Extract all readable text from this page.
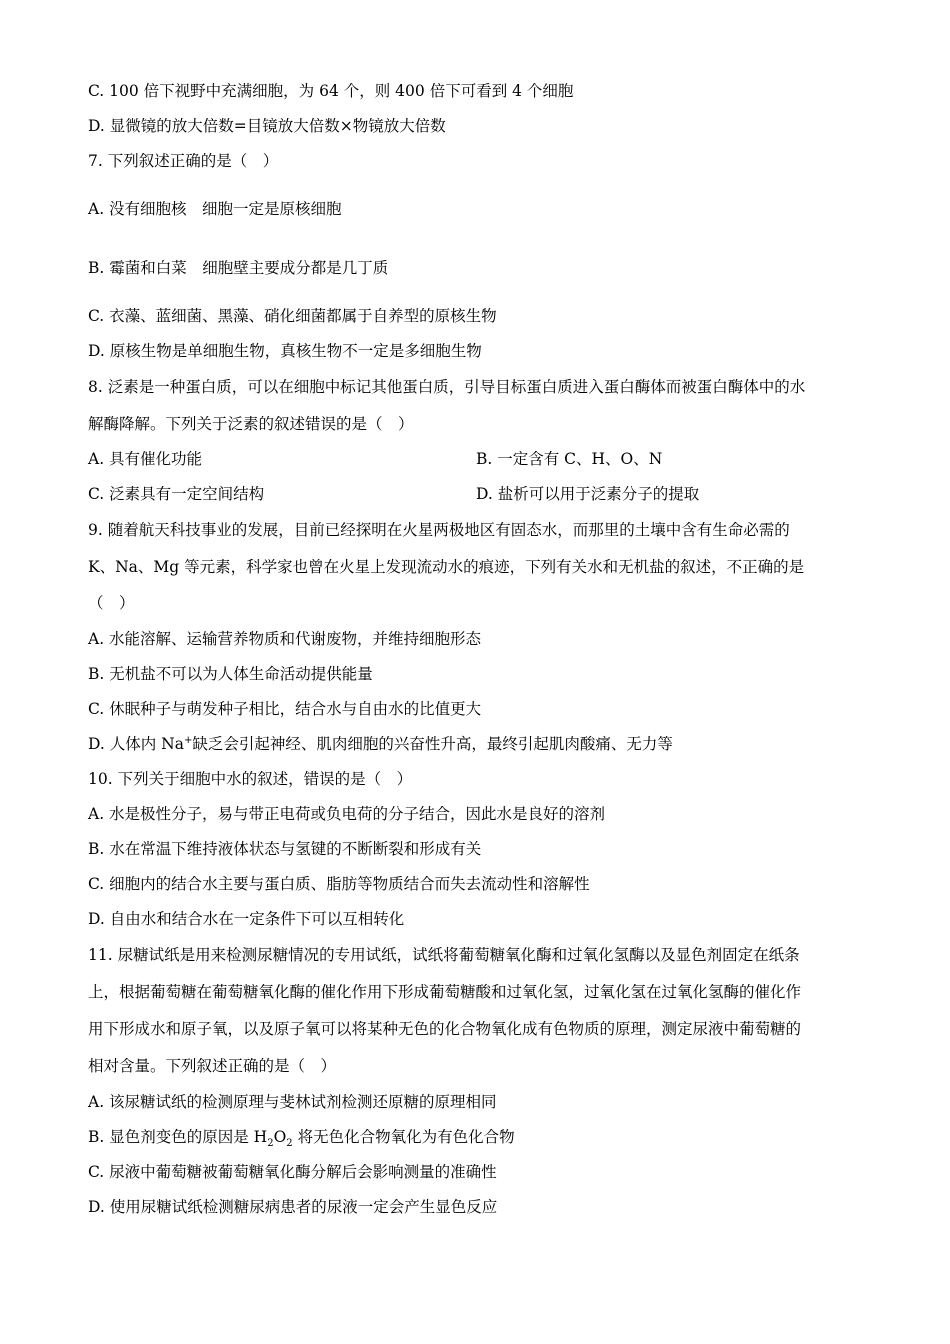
C. 100 倍下视野中充满细胞，为 64 个，则 400 倍下可看到 4 个细胞
D. 显微镜的放大倍数=目镜放大倍数×物镜放大倍数
7. 下列叙述正确的是（　）
A. 没有细胞核　细胞一定是原核细胞
B. 霉菌和白菜　细胞壁主要成分都是几丁质
C. 衣藻、蓝细菌、黑藻、硝化细菌都属于自养型的原核生物
D. 原核生物是单细胞生物，真核生物不一定是多细胞生物
8. 泛素是一种蛋白质，可以在细胞中标记其他蛋白质，引导目标蛋白质进入蛋白酶体而被蛋白酶体中的水
解酶降解。下列关于泛素的叙述错误的是（　）
A. 具有催化功能	B. 一定含有 C、H、O、N
C. 泛素具有一定空间结构	D. 盐析可以用于泛素分子的提取
9. 随着航天科技事业的发展，目前已经探明在火星两极地区有固态水，而那里的土壤中含有生命必需的
K、Na、Mg 等元素，科学家也曾在火星上发现流动水的痕迹，下列有关水和无机盐的叙述，不正确的是
（　）
A. 水能溶解、运输营养物质和代谢废物，并维持细胞形态
B. 无机盐不可以为人体生命活动提供能量
C. 休眠种子与萌发种子相比，结合水与自由水的比值更大
D. 人体内 Na+缺乏会引起神经、肌肉细胞的兴奋性升高，最终引起肌肉酸痛、无力等
10. 下列关于细胞中水的叙述，错误的是（　）
A. 水是极性分子，易与带正电荷或负电荷的分子结合，因此水是良好的溶剂
B. 水在常温下维持液体状态与氢键的不断断裂和形成有关
C. 细胞内的结合水主要与蛋白质、脂肪等物质结合而失去流动性和溶解性
D. 自由水和结合水在一定条件下可以互相转化
11. 尿糖试纸是用来检测尿糖情况的专用试纸，试纸将葡萄糖氧化酶和过氧化氢酶以及显色剂固定在纸条
上，根据葡萄糖在葡萄糖氧化酶的催化作用下形成葡萄糖酸和过氧化氢，过氧化氢在过氧化氢酶的催化作
用下形成水和原子氧，以及原子氧可以将某种无色的化合物氧化成有色物质的原理，测定尿液中葡萄糖的
相对含量。下列叙述正确的是（　）
A. 该尿糖试纸的检测原理与斐林试剂检测还原糖的原理相同
B. 显色剂变色的原因是 $H_2O_2$ 将无色化合物氧化为有色化合物
C. 尿液中葡萄糖被葡萄糖氧化酶分解后会影响测量的准确性
D. 使用尿糖试纸检测糖尿病患者的尿液一定会产生显色反应
